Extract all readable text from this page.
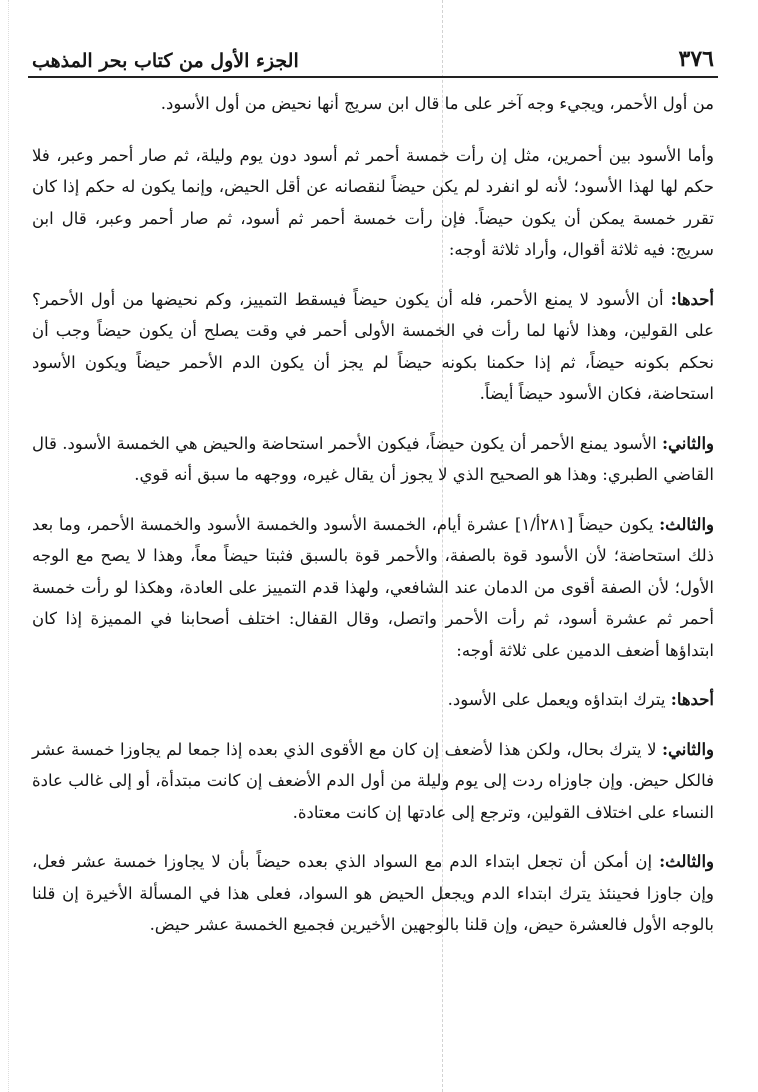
٣٧٦
الجزء الأول من كتاب بحر المذهب

من أول الأحمر، ويجيء وجه آخر على ما قال ابن سريج أنها نحيض من أول الأسود.

وأما الأسود بين أحمرين، مثل إن رأت خمسة أحمر ثم أسود دون يوم وليلة، ثم صار أحمر وعبر، فلا حكم لها لهذا الأسود؛ لأنه لو انفرد لم يكن حيضاً لنقصانه عن أقل الحيض، وإنما يكون له حكم إذا كان تقرر خمسة يمكن أن يكون حيضاً. فإن رأت خمسة أحمر ثم أسود، ثم صار أحمر وعبر، قال ابن سريج: فيه ثلاثة أقوال، وأراد ثلاثة أوجه:

أحدها: أن الأسود لا يمنع الأحمر، فله أن يكون حيضاً فيسقط التمييز، وكم نحيضها من أول الأحمر؟ على القولين، وهذا لأنها لما رأت في الخمسة الأولى أحمر في وقت يصلح أن يكون حيضاً وجب أن نحكم بكونه حيضاً، ثم إذا حكمنا بكونه حيضاً لم يجز أن يكون الدم الأحمر حيضاً ويكون الأسود استحاضة، فكان الأسود حيضاً أيضاً.

والثاني: الأسود يمنع الأحمر أن يكون حيضاً، فيكون الأحمر استحاضة والحيض هي الخمسة الأسود. قال القاضي الطبري: وهذا هو الصحيح الذي لا يجوز أن يقال غيره، ووجهه ما سبق أنه قوي.

والثالث: يكون حيضاً [٢٨١أ/١] عشرة أيام، الخمسة الأسود والخمسة الأسود والخمسة الأحمر، وما بعد ذلك استحاضة؛ لأن الأسود قوة بالصفة، والأحمر قوة بالسبق فثبتا حيضاً معاً، وهذا لا يصح مع الوجه الأول؛ لأن الصفة أقوى من الدمان عند الشافعي، ولهذا قدم التمييز على العادة، وهكذا لو رأت خمسة أحمر ثم عشرة أسود، ثم رأت الأحمر واتصل، وقال القفال: اختلف أصحابنا في المميزة إذا كان ابتداؤها أضعف الدمين على ثلاثة أوجه:

أحدها: يترك ابتداؤه ويعمل على الأسود.

والثاني: لا يترك بحال، ولكن هذا لأضعف إن كان مع الأقوى الذي بعده إذا جمعا لم يجاوزا خمسة عشر فالكل حيض. وإن جاوزاه ردت إلى يوم وليلة من أول الدم الأضعف إن كانت مبتدأة، أو إلى غالب عادة النساء على اختلاف القولين، وترجع إلى عادتها إن كانت معتادة.

والثالث: إن أمكن أن تجعل ابتداء الدم مع السواد الذي بعده حيضاً بأن لا يجاوزا خمسة عشر فعل، وإن جاوزا فحينئذ يترك ابتداء الدم ويجعل الحيض هو السواد، فعلى هذا في المسألة الأخيرة إن قلنا بالوجه الأول فالعشرة حيض، وإن قلنا بالوجهين الأخيرين فجميع الخمسة عشر حيض.
